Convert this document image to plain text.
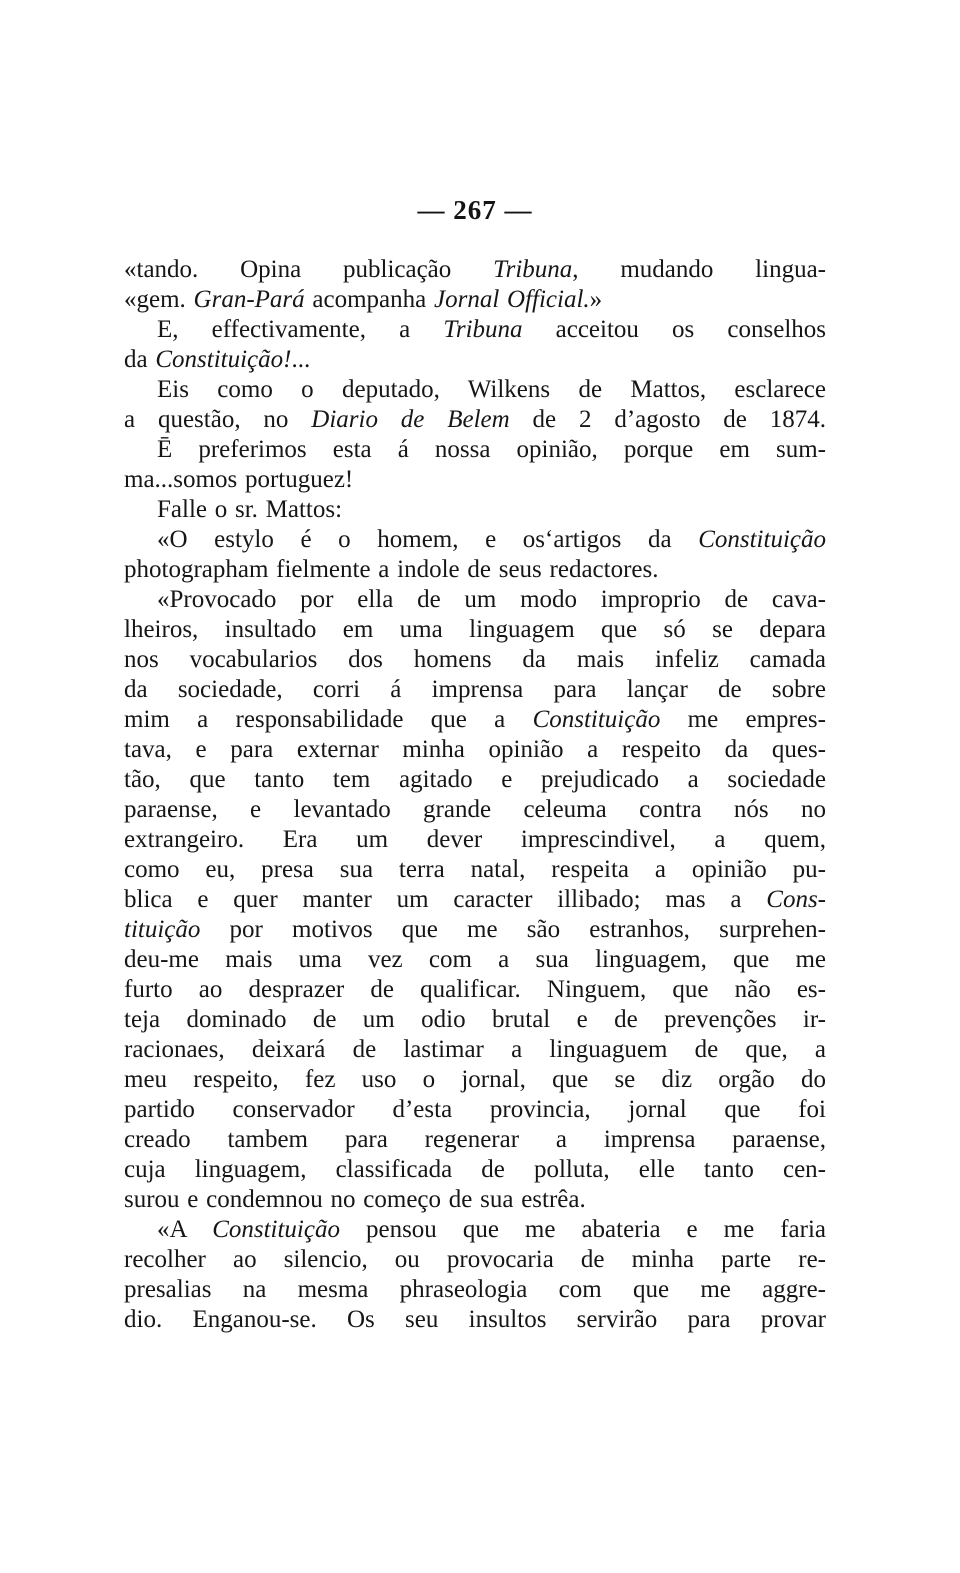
— 267 —
«tando. Opina publicação Tribuna, mudando lingua-
«gem. Gran-Pará acompanha Jornal Official.»
E, effectivamente, a Tribuna acceitou os conselhos
da Constituição!...
Eis como o deputado, Wilkens de Mattos, esclarece
a questão, no Diario de Belem de 2 d’agosto de 1874.
Ē preferimos esta á nossa opinião, porque em sum-
ma...somos portuguez!
Falle o sr. Mattos:
«O estylo é o homem, e os‘artigos da Constituição
photographam fielmente a indole de seus redactores.
«Provocado por ella de um modo improprio de cava-
lheiros, insultado em uma linguagem que só se depara
nos vocabularios dos homens da mais infeliz camada
da sociedade, corri á imprensa para lançar de sobre
mim a responsabilidade que a Constituição me empres-
tava, e para externar minha opinião a respeito da ques-
tão, que tanto tem agitado e prejudicado a sociedade
paraense, e levantado grande celeuma contra nós no
extrangeiro. Era um dever imprescindivel, a quem,
como eu, presa sua terra natal, respeita a opinião pu-
blica e quer manter um caracter illibado; mas a Cons-
tituição por motivos que me são estranhos, surprehen-
deu-me mais uma vez com a sua linguagem, que me
furto ao desprazer de qualificar. Ninguem, que não es-
teja dominado de um odio brutal e de prevenções ir-
racionaes, deixará de lastimar a linguaguem de que, a
meu respeito, fez uso o jornal, que se diz orgão do
partido conservador d’esta provincia, jornal que foi
creado tambem para regenerar a imprensa paraense,
cuja linguagem, classificada de polluta, elle tanto cen-
surou e condemnou no começo de sua estrêa.
«A Constituição pensou que me abateria e me faria
recolher ao silencio, ou provocaria de minha parte re-
presalias na mesma phraseologia com que me aggre-
dio. Enganou-se. Os seu insultos servirão para provar
